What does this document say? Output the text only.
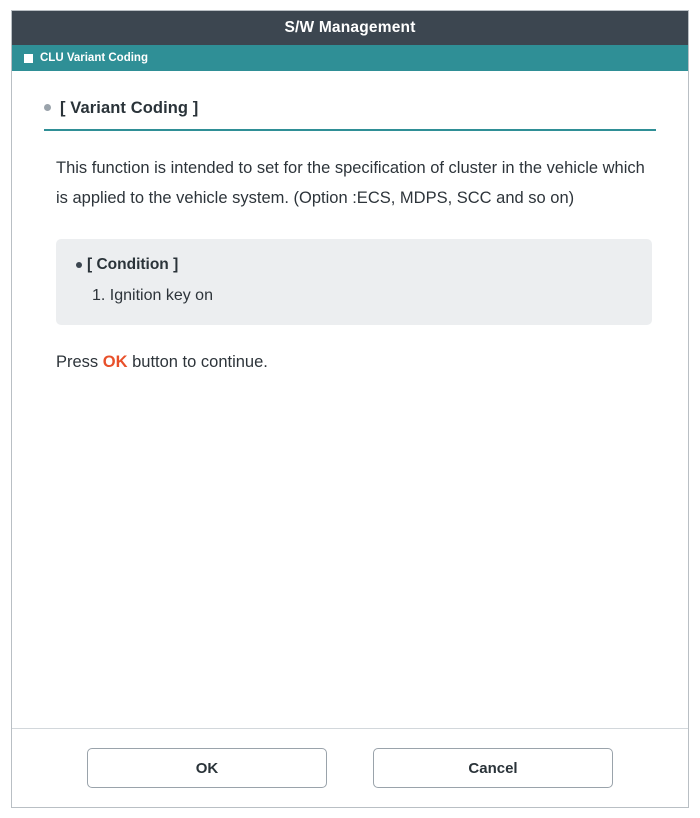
S/W Management
CLU Variant Coding
[ Variant Coding ]
This function is intended to set for the specification of cluster in the vehicle which is applied to the vehicle system. (Option :ECS, MDPS, SCC and so on)
[ Condition ]
1. Ignition key on
Press OK button to continue.
OK	Cancel
